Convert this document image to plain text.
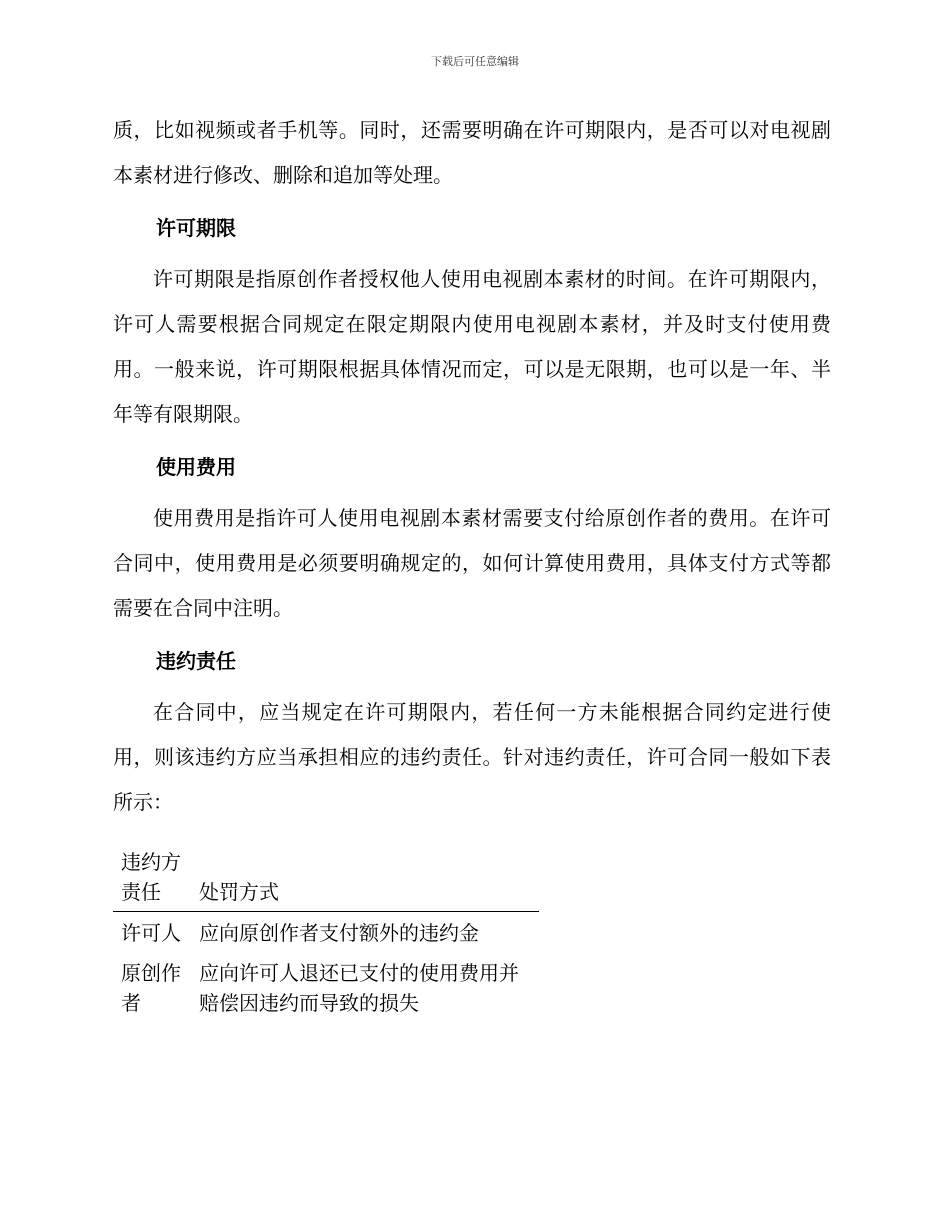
下载后可任意编辑

质，比如视频或者手机等。同时，还需要明确在许可期限内，是否可以对电视剧本素材进行修改、删除和追加等处理。

许可期限

许可期限是指原创作者授权他人使用电视剧本素材的时间。在许可期限内，许可人需要根据合同规定在限定期限内使用电视剧本素材，并及时支付使用费用。一般来说，许可期限根据具体情况而定，可以是无限期，也可以是一年、半年等有限期限。

使用费用

使用费用是指许可人使用电视剧本素材需要支付给原创作者的费用。在许可合同中，使用费用是必须要明确规定的，如何计算使用费用，具体支付方式等都需要在合同中注明。

违约责任

在合同中，应当规定在许可期限内，若任何一方未能根据合同约定进行使用，则该违约方应当承担相应的违约责任。针对违约责任，许可合同一般如下表所示：

违约方责任	处罚方式
许可人	应向原创作者支付额外的违约金
原创作者	应向许可人退还已支付的使用费用并赔偿因违约而导致的损失
